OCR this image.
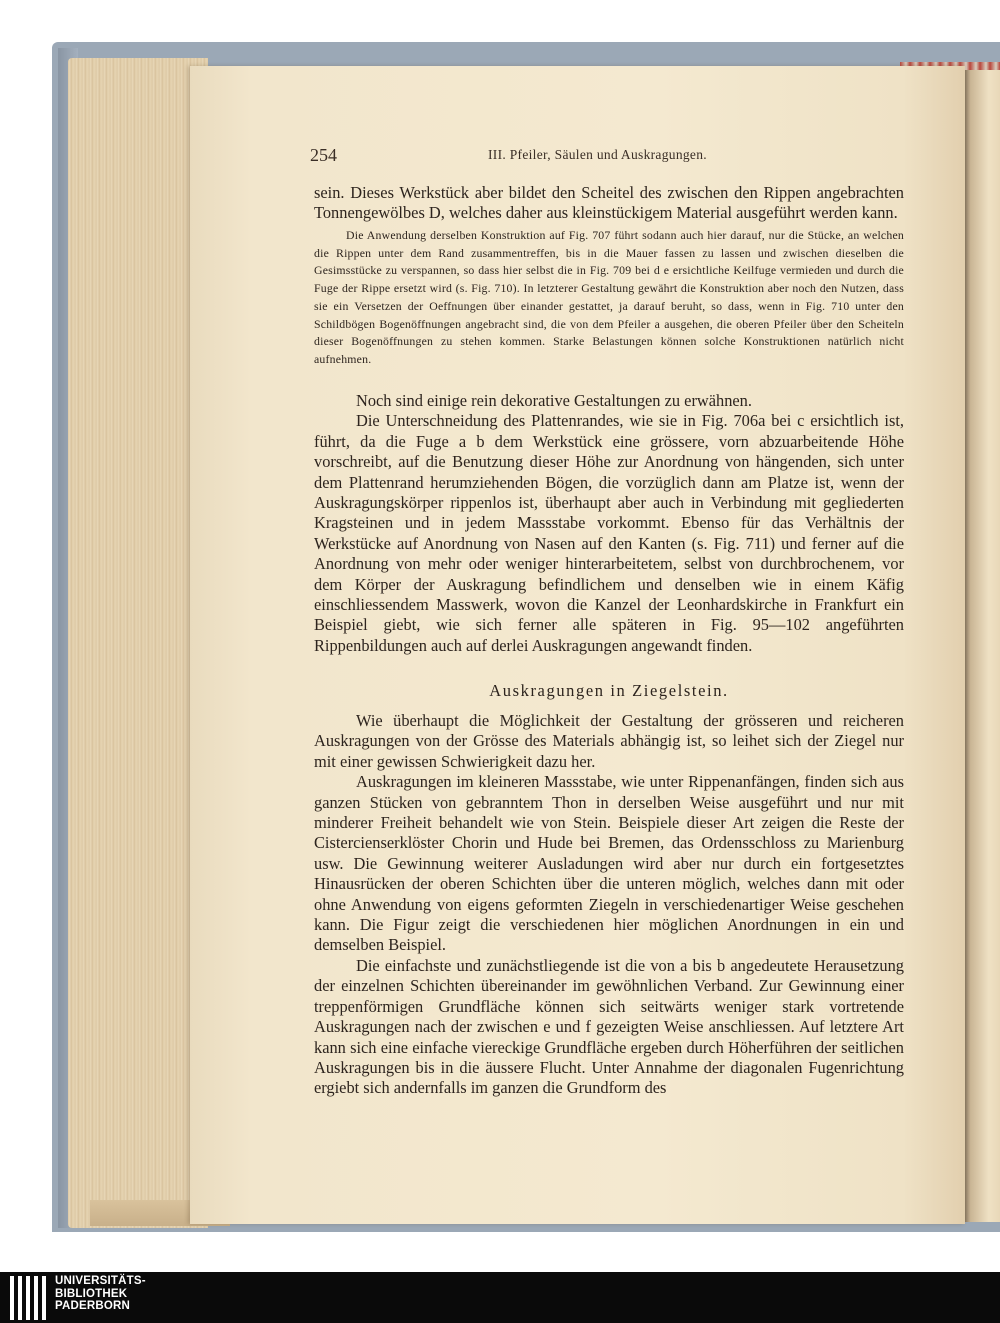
254	III. Pfeiler, Säulen und Auskragungen.

sein. Dieses Werkstück aber bildet den Scheitel des zwischen den Rippen angebrachten Tonnengewölbes D, welches daher aus kleinstückigem Material ausgeführt werden kann.

Die Anwendung derselben Konstruktion auf Fig. 707 führt sodann auch hier darauf, nur die Stücke, an welchen die Rippen unter dem Rand zusammentreffen, bis in die Mauer fassen zu lassen und zwischen dieselben die Gesimsstücke zu verspannen, so dass hier selbst die in Fig. 709 bei d e ersichtliche Keilfuge vermieden und durch die Fuge der Rippe ersetzt wird (s. Fig. 710). In letzterer Gestaltung gewährt die Konstruktion aber noch den Nutzen, dass sie ein Versetzen der Oeffnungen über einander gestattet, ja darauf beruht, so dass, wenn in Fig. 710 unter den Schildbögen Bogenöffnungen angebracht sind, die von dem Pfeiler a ausgehen, die oberen Pfeiler über den Scheiteln dieser Bogenöffnungen zu stehen kommen. Starke Belastungen können solche Konstruktionen natürlich nicht aufnehmen.

Noch sind einige rein dekorative Gestaltungen zu erwähnen.

Die Unterschneidung des Plattenrandes, wie sie in Fig. 706a bei c ersichtlich ist, führt, da die Fuge a b dem Werkstück eine grössere, vorn abzuarbeitende Höhe vorschreibt, auf die Benutzung dieser Höhe zur Anordnung von hängenden, sich unter dem Plattenrand herumziehenden Bögen, die vorzüglich dann am Platze ist, wenn der Auskragungskörper rippenlos ist, überhaupt aber auch in Verbindung mit gegliederten Kragsteinen und in jedem Massstabe vorkommt. Ebenso für das Verhältnis der Werkstücke auf Anordnung von Nasen auf den Kanten (s. Fig. 711) und ferner auf die Anordnung von mehr oder weniger hinterarbeitetem, selbst von durchbrochenem, vor dem Körper der Auskragung befindlichem und denselben wie in einem Käfig einschliessendem Masswerk, wovon die Kanzel der Leonhardskirche in Frankfurt ein Beispiel giebt, wie sich ferner alle späteren in Fig. 95—102 angeführten Rippenbildungen auch auf derlei Auskragungen angewandt finden.

Auskragungen in Ziegelstein.

Wie überhaupt die Möglichkeit der Gestaltung der grösseren und reicheren Auskragungen von der Grösse des Materials abhängig ist, so leihet sich der Ziegel nur mit einer gewissen Schwierigkeit dazu her.

Auskragungen im kleineren Massstabe, wie unter Rippenanfängen, finden sich aus ganzen Stücken von gebranntem Thon in derselben Weise ausgeführt und nur mit minderer Freiheit behandelt wie von Stein. Beispiele dieser Art zeigen die Reste der Cistercienserklöster Chorin und Hude bei Bremen, das Ordensschloss zu Marienburg usw. Die Gewinnung weiterer Ausladungen wird aber nur durch ein fortgesetztes Hinausrücken der oberen Schichten über die unteren möglich, welches dann mit oder ohne Anwendung von eigens geformten Ziegeln in verschiedenartiger Weise geschehen kann. Die Figur zeigt die verschiedenen hier möglichen Anordnungen in ein und demselben Beispiel.

Die einfachste und zunächstliegende ist die von a bis b angedeutete Herausetzung der einzelnen Schichten übereinander im gewöhnlichen Verband. Zur Gewinnung einer treppenförmigen Grundfläche können sich seitwärts weniger stark vortretende Auskragungen nach der zwischen e und f gezeigten Weise anschliessen. Auf letztere Art kann sich eine einfache viereckige Grundfläche ergeben durch Höherführen der seitlichen Auskragungen bis in die äussere Flucht. Unter Annahme der diagonalen Fugenrichtung ergiebt sich andernfalls im ganzen die Grundform des

UNIVERSITÄTS-
BIBLIOTHEK
PADERBORN
